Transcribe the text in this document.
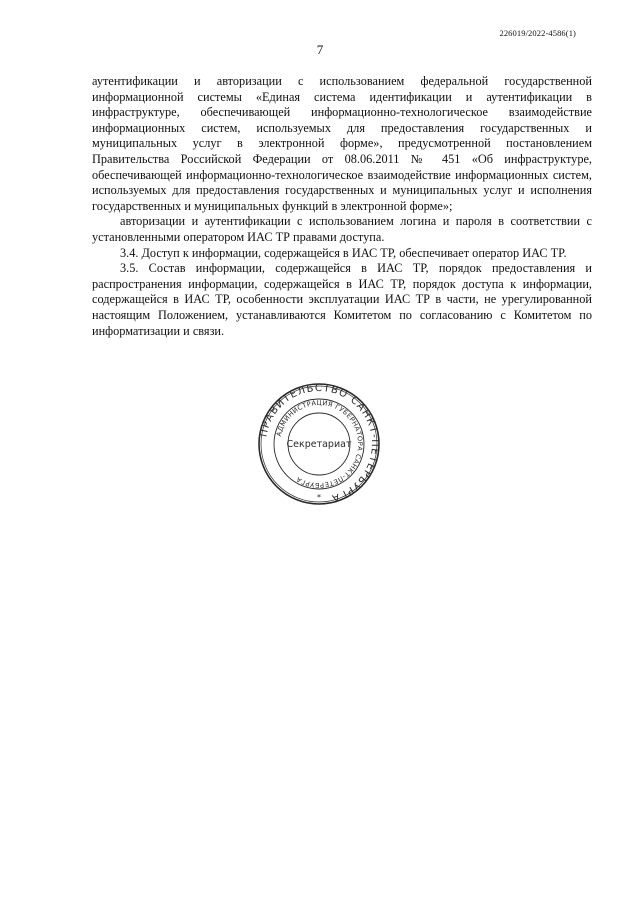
226019/2022-4586(1)
7

аутентификации и авторизации с использованием федеральной государственной информационной системы «Единая система идентификации и аутентификации в инфраструктуре, обеспечивающей информационно-технологическое взаимодействие информационных систем, используемых для предоставления государственных и муниципальных услуг в электронной форме», предусмотренной постановлением Правительства Российской Федерации от 08.06.2011 № 451 «Об инфраструктуре, обеспечивающей информационно-технологическое взаимодействие информационных систем, используемых для предоставления государственных и муниципальных услуг и исполнения государственных и муниципальных функций в электронной форме»;

авторизации и аутентификации с использованием логина и пароля в соответствии с установленными оператором ИАС ТР правами доступа.

3.4. Доступ к информации, содержащейся в ИАС ТР, обеспечивает оператор ИАС ТР.

3.5. Состав информации, содержащейся в ИАС ТР, порядок предоставления и распространения информации, содержащейся в ИАС ТР, порядок доступа к информации, содержащейся в ИАС ТР, особенности эксплуатации ИАС ТР в части, не урегулированной настоящим Положением, устанавливаются Комитетом по согласованию с Комитетом по информатизации и связи.

ПРАВИТЕЛЬСТВО САНКТ-ПЕТЕРБУРГА
АДМИНИСТРАЦИЯ ГУБЕРНАТОРА САНКТ-ПЕТЕРБУРГА
*
Секретариат
